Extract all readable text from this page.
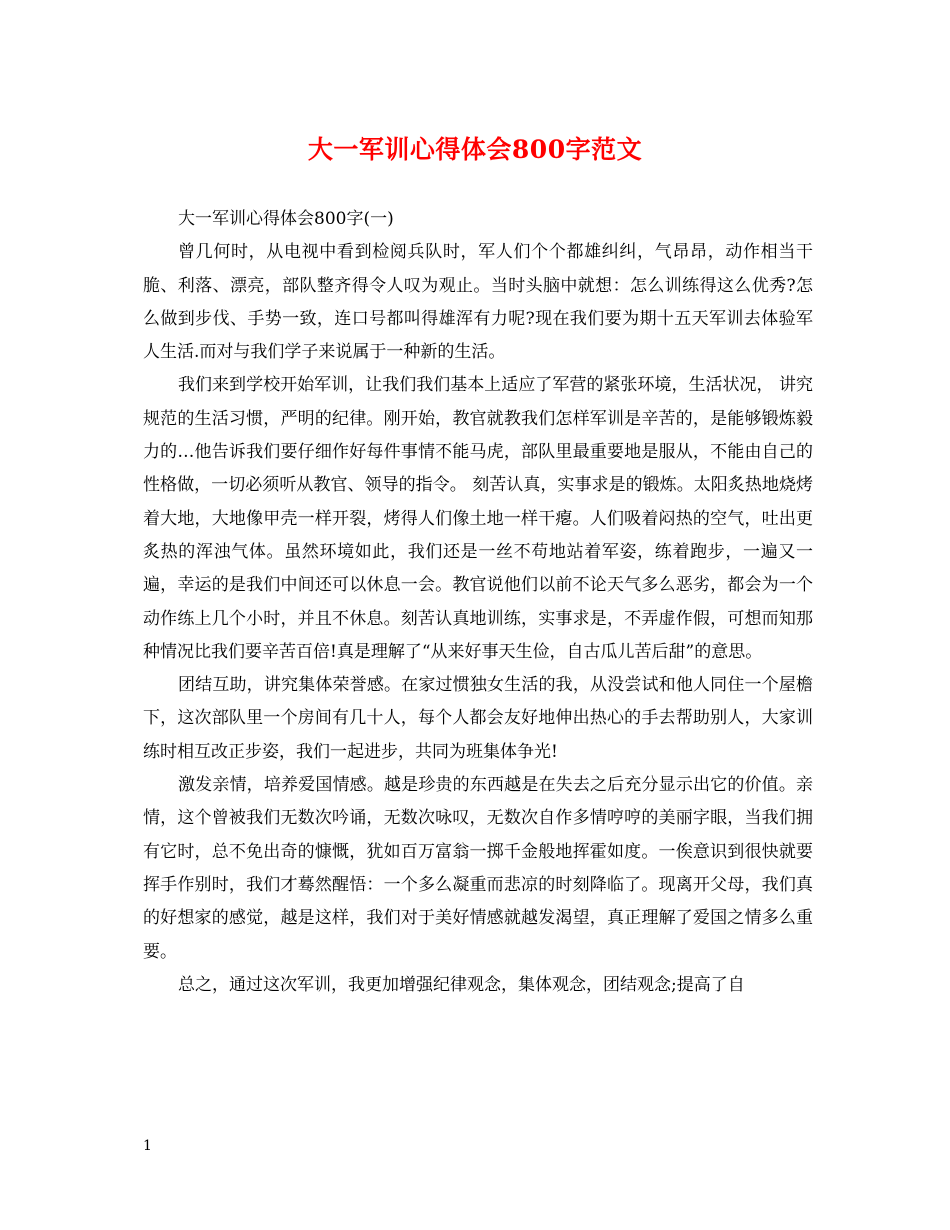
大一军训心得体会800字范文

大一军训心得体会800字(一)

曾几何时，从电视中看到检阅兵队时，军人们个个都雄纠纠，气昂昂，动作相当干脆、利落、漂亮，部队整齐得令人叹为观止。当时头脑中就想：怎么训练得这么优秀?怎么做到步伐、手势一致，连口号都叫得雄浑有力呢?现在我们要为期十五天军训去体验军人生活.而对与我们学子来说属于一种新的生活。

我们来到学校开始军训，让我们我们基本上适应了军营的紧张环境，生活状况， 讲究规范的生活习惯，严明的纪律。刚开始，教官就教我们怎样军训是辛苦的，是能够锻炼毅力的…他告诉我们要仔细作好每件事情不能马虎，部队里最重要地是服从，不能由自己的性格做，一切必须听从教官、领导的指令。 刻苦认真，实事求是的锻炼。太阳炙热地烧烤着大地，大地像甲壳一样开裂，烤得人们像土地一样干瘪。人们吸着闷热的空气，吐出更炙热的浑浊气体。虽然环境如此，我们还是一丝不苟地站着军姿，练着跑步，一遍又一遍，幸运的是我们中间还可以休息一会。教官说他们以前不论天气多么恶劣，都会为一个动作练上几个小时，并且不休息。刻苦认真地训练，实事求是，不弄虚作假，可想而知那种情况比我们要辛苦百倍!真是理解了“从来好事天生俭，自古瓜儿苦后甜”的意思。

团结互助，讲究集体荣誉感。在家过惯独女生活的我，从没尝试和他人同住一个屋檐下，这次部队里一个房间有几十人，每个人都会友好地伸出热心的手去帮助别人，大家训练时相互改正步姿，我们一起进步，共同为班集体争光!

激发亲情，培养爱国情感。越是珍贵的东西越是在失去之后充分显示出它的价值。亲情，这个曾被我们无数次吟诵，无数次咏叹，无数次自作多情哼哼的美丽字眼，当我们拥有它时，总不免出奇的慷慨，犹如百万富翁一掷千金般地挥霍如度。一俟意识到很快就要挥手作别时，我们才蓦然醒悟：一个多么凝重而悲凉的时刻降临了。现离开父母，我们真的好想家的感觉，越是这样，我们对于美好情感就越发渴望，真正理解了爱国之情多么重要。

总之，通过这次军训，我更加增强纪律观念，集体观念，团结观念;提高了自

1
